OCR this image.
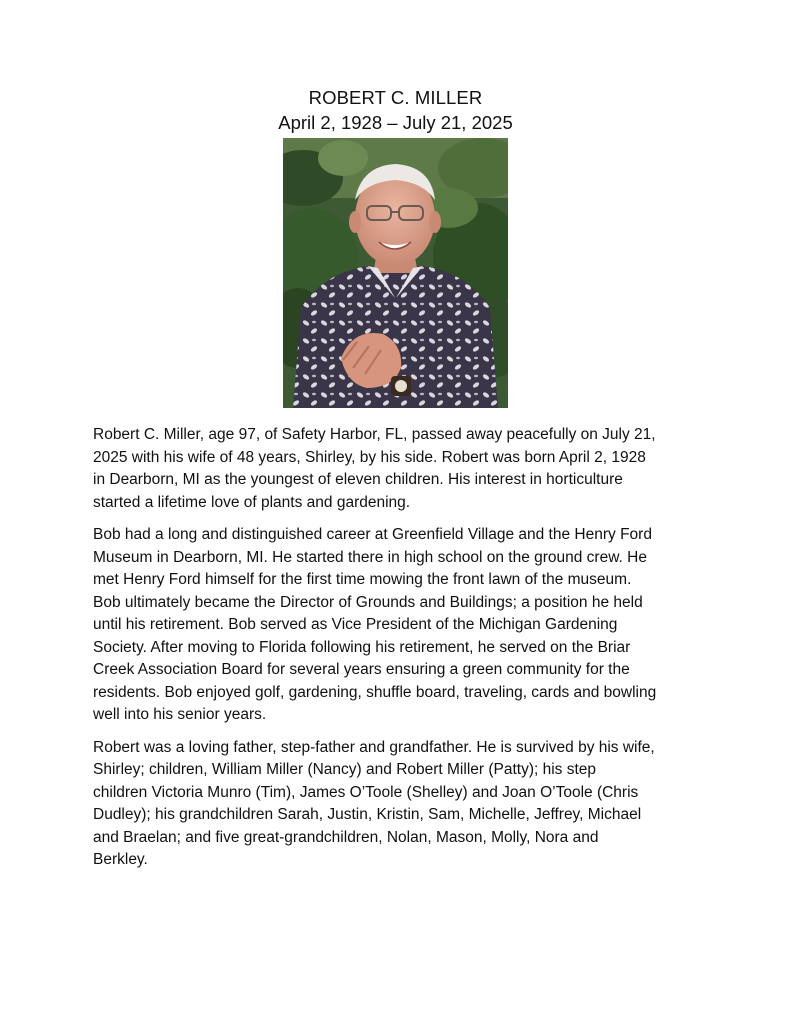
ROBERT C. MILLER
April 2, 1928 – July 21, 2025

Robert C. Miller, age 97, of Safety Harbor, FL, passed away peacefully on July 21,
2025 with his wife of 48 years, Shirley, by his side. Robert was born April 2, 1928
in Dearborn, MI as the youngest of eleven children. His interest in horticulture
started a lifetime love of plants and gardening.

Bob had a long and distinguished career at Greenfield Village and the Henry Ford
Museum in Dearborn, MI. He started there in high school on the ground crew. He
met Henry Ford himself for the first time mowing the front lawn of the museum.
Bob ultimately became the Director of Grounds and Buildings; a position he held
until his retirement. Bob served as Vice President of the Michigan Gardening
Society. After moving to Florida following his retirement, he served on the Briar
Creek Association Board for several years ensuring a green community for the
residents. Bob enjoyed golf, gardening, shuffle board, traveling, cards and bowling
well into his senior years.

Robert was a loving father, step-father and grandfather. He is survived by his wife,
Shirley; children, William Miller (Nancy) and Robert Miller (Patty); his step
children Victoria Munro (Tim), James O’Toole (Shelley) and Joan O’Toole (Chris
Dudley); his grandchildren Sarah, Justin, Kristin, Sam, Michelle, Jeffrey, Michael
and Braelan; and five great-grandchildren, Nolan, Mason, Molly, Nora and
Berkley.
